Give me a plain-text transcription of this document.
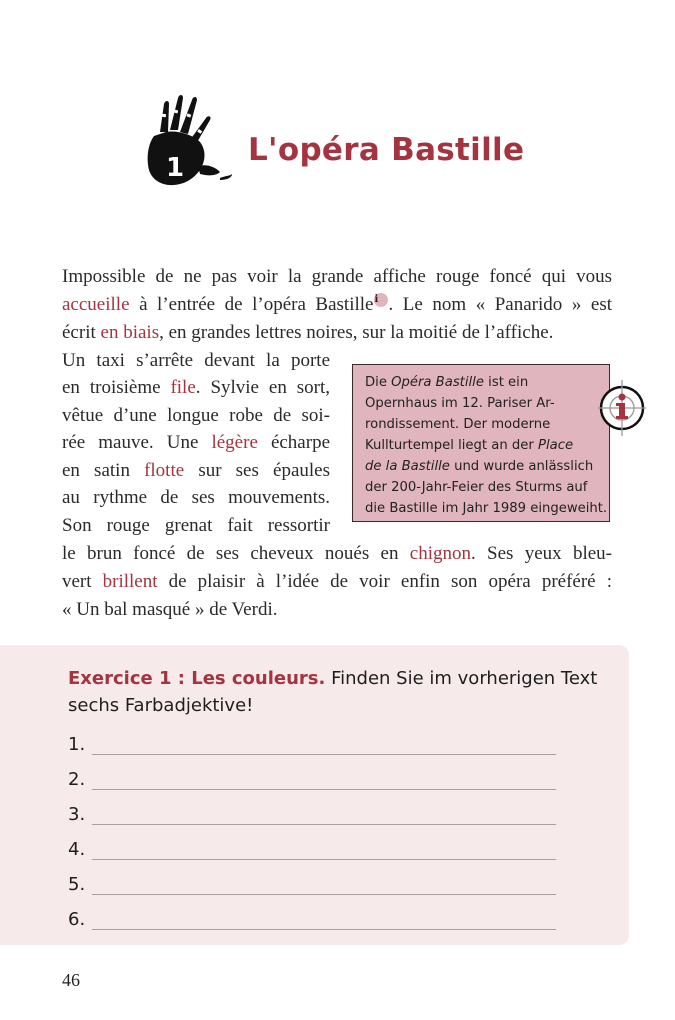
1 L'opéra Bastille
Impossible de ne pas voir la grande affiche rouge foncé qui vous
accueille à l’entrée de l’opéra Bastillei . Le nom « Panarido » est
écrit en biais, en grandes lettres noires, sur la moitié de l’affiche.
Un taxi s’arrête devant la porte
en troisième file. Sylvie en sort,
vêtue d’une longue robe de soi-
rée mauve. Une légère écharpe
en satin flotte sur ses épaules
au rythme de ses mouvements.
Son rouge grenat fait ressortir
le brun foncé de ses cheveux noués en chignon. Ses yeux bleu-
vert brillent de plaisir à l’idée de voir enfin son opéra préféré :
« Un bal masqué » de Verdi.
Die Opéra Bastille ist ein
Opernhaus im 12. Pariser Ar-
rondissement. Der moderne
Kullturtempel liegt an der Place
de la Bastille und wurde anlässlich
der 200-Jahr-Feier des Sturms auf
die Bastille im Jahr 1989 eingeweiht.
Exercice 1 : Les couleurs. Finden Sie im vorherigen Text sechs Farbadjektive!
1.
2.
3.
4.
5.
6.
46
